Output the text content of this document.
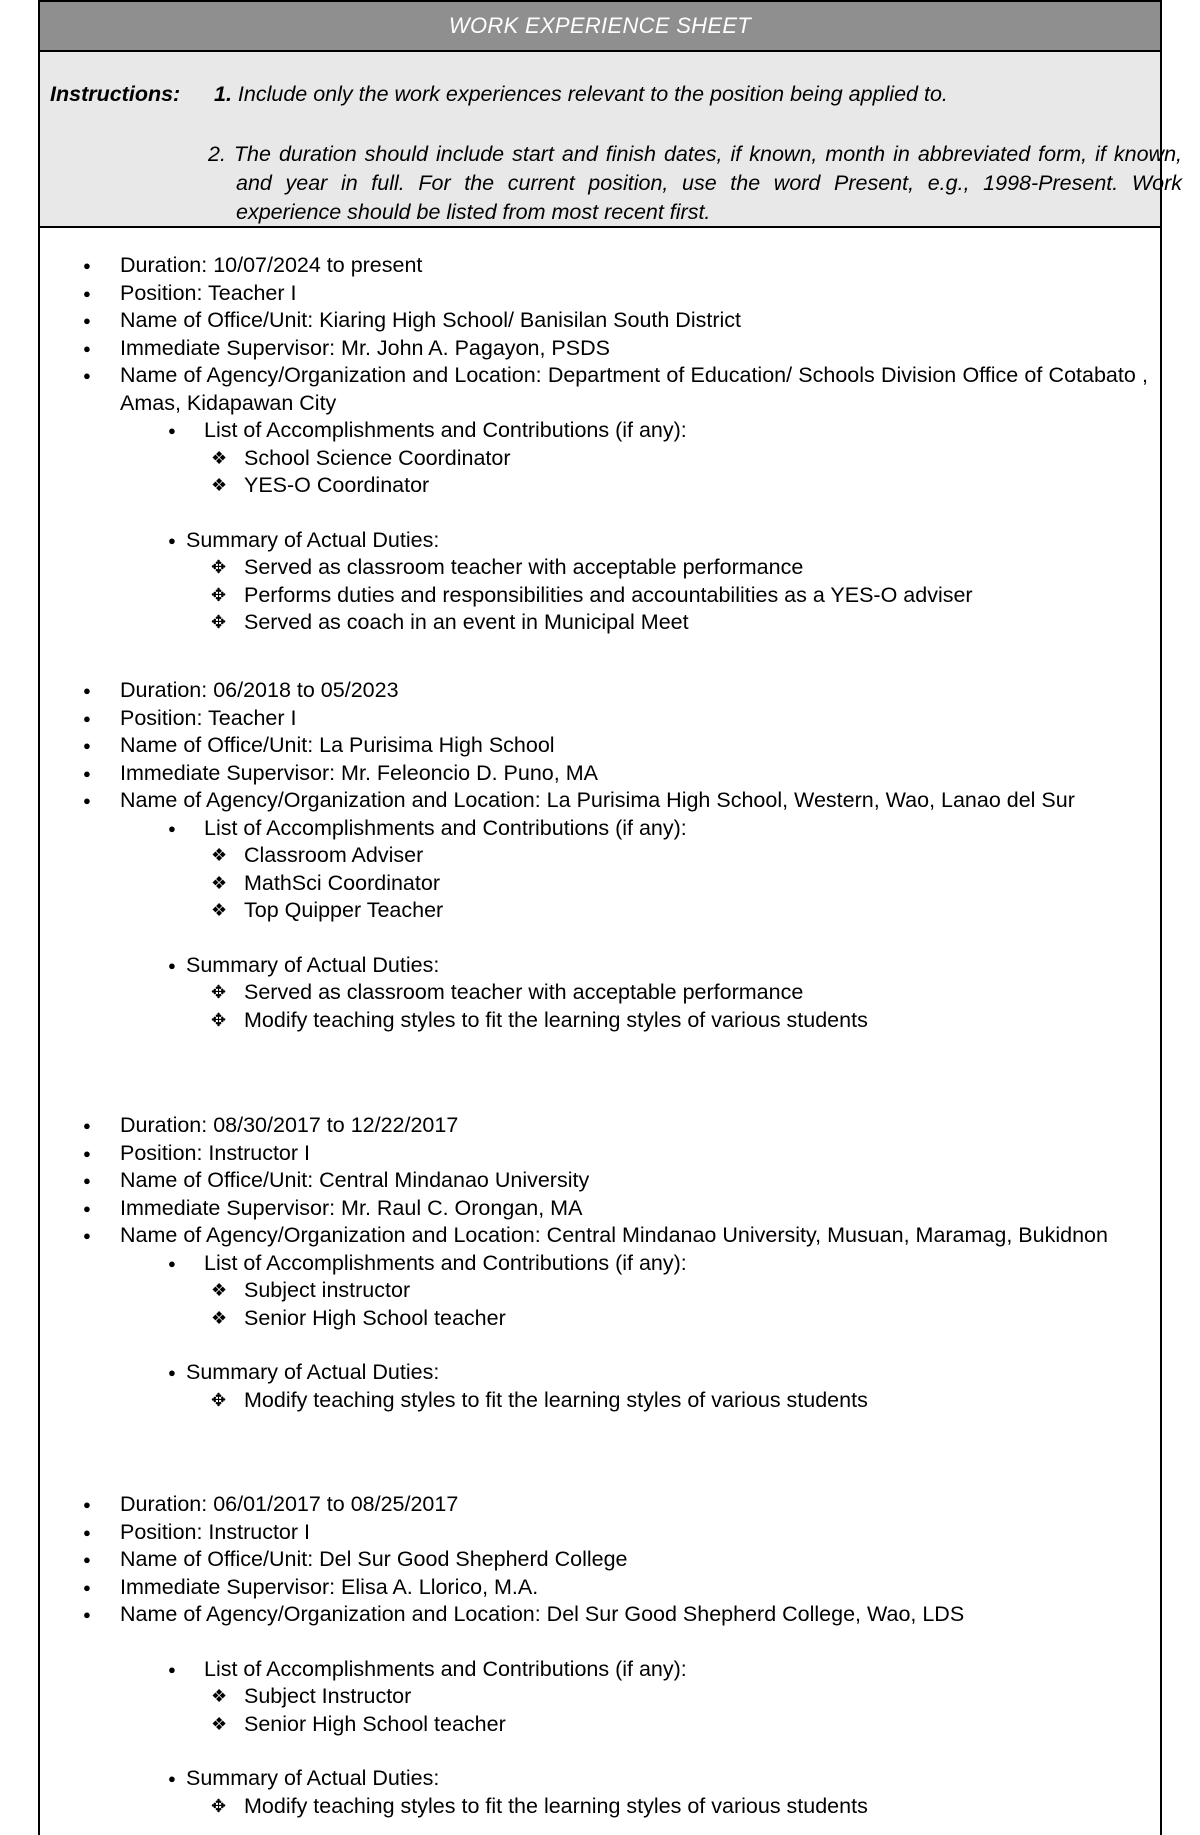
WORK EXPERIENCE SHEET
Instructions: 1. Include only the work experiences relevant to the position being applied to.
2. The duration should include start and finish dates, if known, month in abbreviated form, if known, and year in full. For the current position, use the word Present, e.g., 1998-Present. Work experience should be listed from most recent first.
● Duration: 10/07/2024 to present
● Position: Teacher I
● Name of Office/Unit: Kiaring High School/ Banisilan South District
● Immediate Supervisor: Mr. John A. Pagayon, PSDS
● Name of Agency/Organization and Location: Department of Education/ Schools Division Office of Cotabato , Amas, Kidapawan City
● List of Accomplishments and Contributions (if any):
❖ School Science Coordinator
❖ YES-O Coordinator
● Summary of Actual Duties:
✥ Served as classroom teacher with acceptable performance
✥ Performs duties and responsibilities and accountabilities as a YES-O adviser
✥ Served as coach in an event in Municipal Meet
● Duration: 06/2018 to 05/2023
● Position: Teacher I
● Name of Office/Unit: La Purisima High School
● Immediate Supervisor: Mr. Feleoncio D. Puno, MA
● Name of Agency/Organization and Location: La Purisima High School, Western, Wao, Lanao del Sur
● List of Accomplishments and Contributions (if any):
❖ Classroom Adviser
❖ MathSci Coordinator
❖ Top Quipper Teacher
● Summary of Actual Duties:
✥ Served as classroom teacher with acceptable performance
✥ Modify teaching styles to fit the learning styles of various students
● Duration: 08/30/2017 to 12/22/2017
● Position: Instructor I
● Name of Office/Unit: Central Mindanao University
● Immediate Supervisor: Mr. Raul C. Orongan, MA
● Name of Agency/Organization and Location: Central Mindanao University, Musuan, Maramag, Bukidnon
● List of Accomplishments and Contributions (if any):
❖ Subject instructor
❖ Senior High School teacher
● Summary of Actual Duties:
✥ Modify teaching styles to fit the learning styles of various students
● Duration: 06/01/2017 to 08/25/2017
● Position: Instructor I
● Name of Office/Unit: Del Sur Good Shepherd College
● Immediate Supervisor: Elisa A. Llorico, M.A.
● Name of Agency/Organization and Location: Del Sur Good Shepherd College, Wao, LDS
● List of Accomplishments and Contributions (if any):
❖ Subject Instructor
❖ Senior High School teacher
● Summary of Actual Duties:
✥ Modify teaching styles to fit the learning styles of various students
